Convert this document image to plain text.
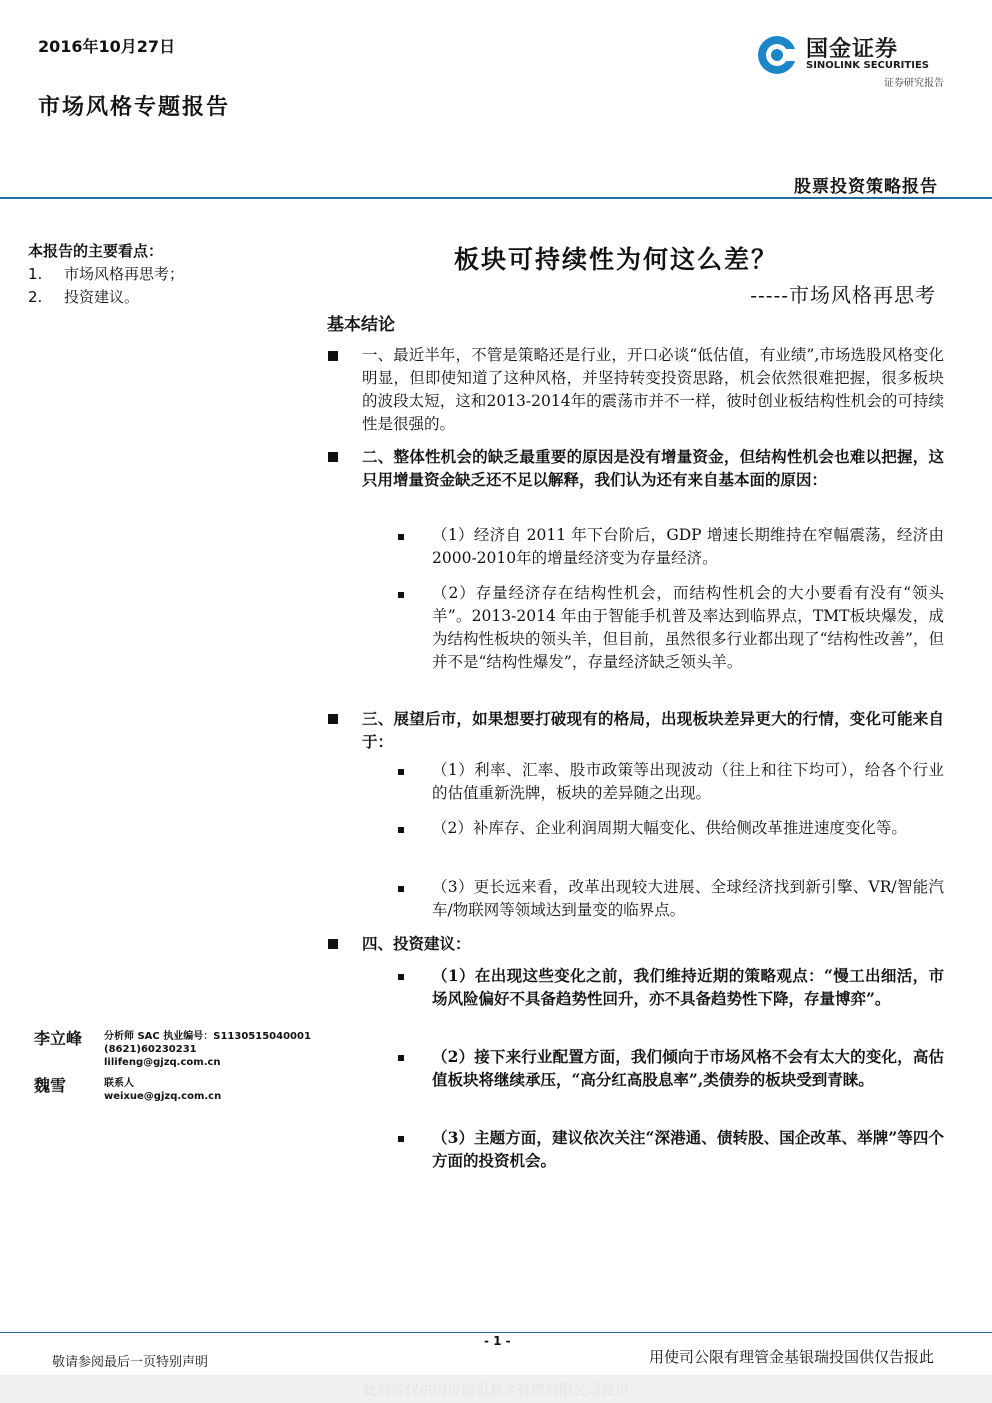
2016年10月27日
市场风格专题报告
国金证券
SINOLINK SECURITIES
证券研究报告
股票投资策略报告
本报告的主要看点：
1. 市场风格再思考；
2. 投资建议。
板块可持续性为何这么差？
-----市场风格再思考
基本结论
一、最近半年，不管是策略还是行业，开口必谈“低估值，有业绩”,市场选股风格变化明显，但即使知道了这种风格，并坚持转变投资思路，机会依然很难把握，很多板块的波段太短，这和2013-2014年的震荡市并不一样，彼时创业板结构性机会的可持续性是很强的。
二、整体性机会的缺乏最重要的原因是没有增量资金，但结构性机会也难以把握，这只用增量资金缺乏还不足以解释，我们认为还有来自基本面的原因：
（1）经济自 2011 年下台阶后，GDP 增速长期维持在窄幅震荡，经济由2000-2010年的增量经济变为存量经济。
（2）存量经济存在结构性机会，而结构性机会的大小要看有没有“领头羊”。2013-2014 年由于智能手机普及率达到临界点，TMT板块爆发，成为结构性板块的领头羊，但目前，虽然很多行业都出现了“结构性改善”，但并不是“结构性爆发”，存量经济缺乏领头羊。
三、展望后市，如果想要打破现有的格局，出现板块差异更大的行情，变化可能来自于：
（1）利率、汇率、股市政策等出现波动（往上和往下均可），给各个行业的估值重新洗牌，板块的差异随之出现。
（2）补库存、企业利润周期大幅变化、供给侧改革推进速度变化等。
（3）更长远来看，改革出现较大进展、全球经济找到新引擎、VR/智能汽车/物联网等领域达到量变的临界点。
四、投资建议：
（1）在出现这些变化之前，我们维持近期的策略观点：“慢工出细活，市场风险偏好不具备趋势性回升，亦不具备趋势性下降，存量博弈”。
（2）接下来行业配置方面，我们倾向于市场风格不会有太大的变化，高估值板块将继续承压，“高分红高股息率”,类债券的板块受到青睐。
（3）主题方面，建议依次关注“深港通、债转股、国企改革、举牌”等四个方面的投资机会。
李立峰 分析师 SAC 执业编号：S1130515040001
(8621)60230231
lilifeng@gjzq.com.cn
魏雪	联系人
weixue@gjzq.com.cn
- 1 -
敬请参阅最后一页特别声明	用使司公限有理管金基银瑞投国供仅告报此
此报告仅供国投瑞银基金管理有限公司使用
